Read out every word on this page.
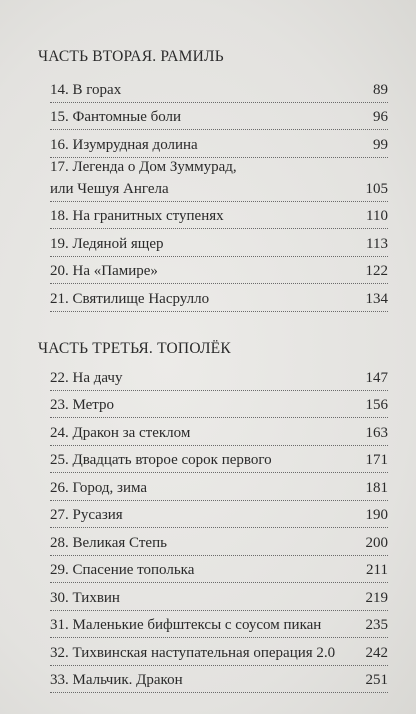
ЧАСТЬ ВТОРАЯ. РАМИЛЬ
14. В горах	89
15. Фантомные боли	96
16. Изумрудная долина	99
17. Легенда о Дом Зуммурад,
или Чешуя Ангела	105
18. На гранитных ступенях	110
19. Ледяной ящер	113
20. На «Памире»	122
21. Святилище Насрулло	134
ЧАСТЬ ТРЕТЬЯ. ТОПОЛЁК
22. На дачу	147
23. Метро	156
24. Дракон за стеклом	163
25. Двадцать второе сорок первого	171
26. Город, зима	181
27. Русазия	190
28. Великая Степь	200
29. Спасение тополька	211
30. Тихвин	219
31. Маленькие бифштексы с соусом пикан	235
32. Тихвинская наступательная операция 2.0 242
33. Мальчик. Дракон	251
